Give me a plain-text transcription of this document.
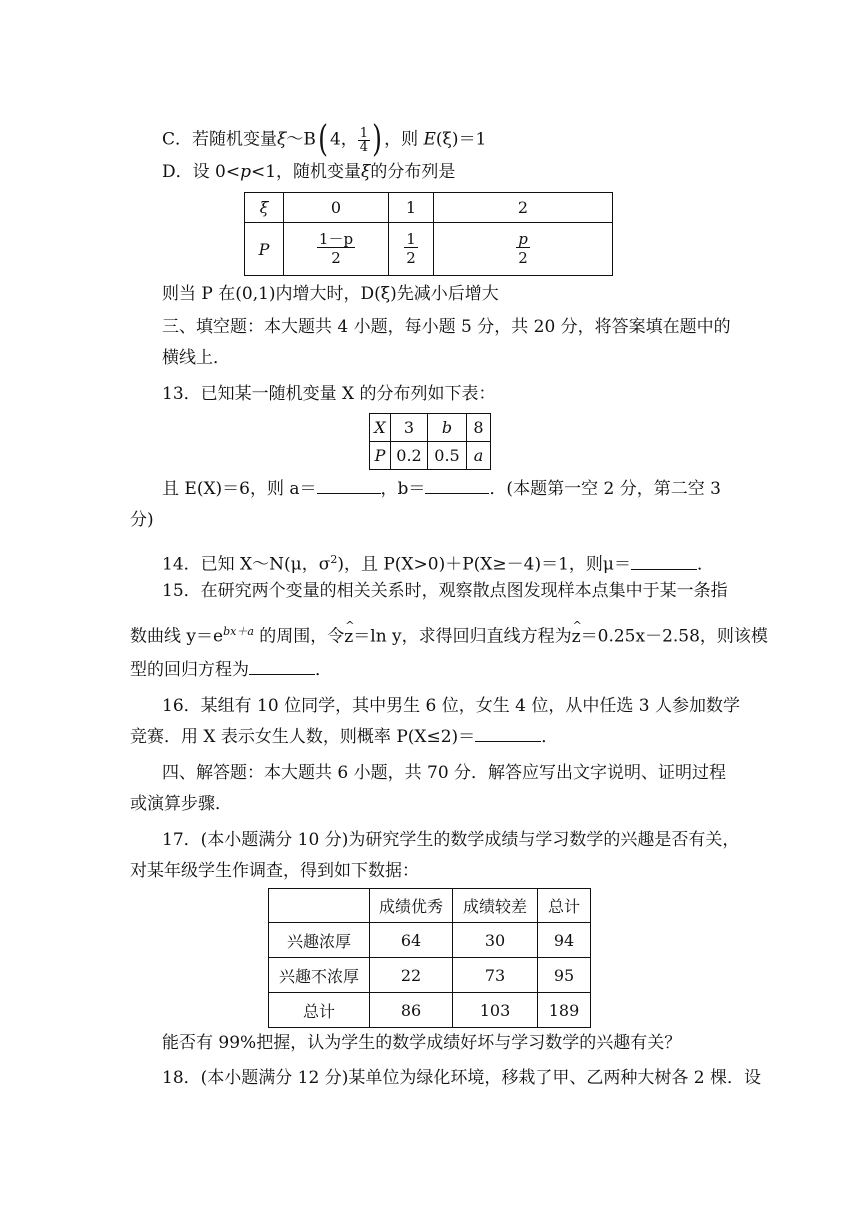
C．若随机变量ξ～B( 4， $\frac{1}{4}$ ) ，则 E(ξ)＝1
D．设 0<p<1，随机变量ξ的分布列是
ξ	0	1	2
P	$\frac{1-p}{2}$	$\frac{1}{2}$	$\frac{p}{2}$
则当 P 在(0,1)内增大时，D(ξ)先减小后增大
三、填空题：本大题共 4 小题，每小题 5 分，共 20 分，将答案填在题中的
横线上．
13．已知某一随机变量 X 的分布列如下表：
X	3	b	8
P	0.2	0.5	a
且 E(X)＝6，则 a＝	，b＝	．(本题第一空 2 分，第二空 3
分)
14．已知 X～N(μ，$\sigma^2$)，且 P(X>0)＋P(X≥－4)＝1，则μ＝	．
15．在研究两个变量的相关关系时，观察散点图发现样本点集中于某一条指
数曲线 $y=e^{bx+a}$ 的周围，令^ z＝ln y，求得回归直线方程为^ z＝0.25x－2.58，则该模
型的回归方程为	．
16．某组有 10 位同学，其中男生 6 位，女生 4 位，从中任选 3 人参加数学
竞赛．用 X 表示女生人数，则概率 P(X≤2)＝	．
四、解答题：本大题共 6 小题，共 70 分．解答应写出文字说明、证明过程
或演算步骤．
17．(本小题满分 10 分)为研究学生的数学成绩与学习数学的兴趣是否有关，
对某年级学生作调查，得到如下数据：
	成绩优秀	成绩较差	总计
兴趣浓厚	64	30	94
兴趣不浓厚	22	73	95
总计	86	103	189
能否有 99%把握，认为学生的数学成绩好坏与学习数学的兴趣有关？
18．(本小题满分 12 分)某单位为绿化环境，移栽了甲、乙两种大树各 2 棵．设
